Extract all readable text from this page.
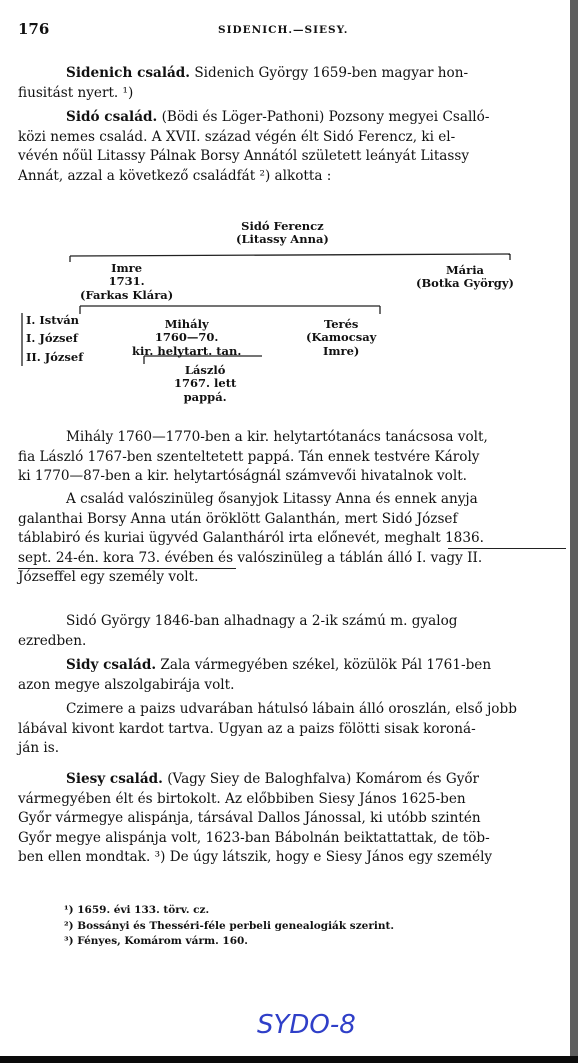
176	SIDENICH.—SIESY.

Sidenich család. Sidenich György 1659-ben magyar hon-

fiusitást nyert. ¹)

Sidó család. (Bödi és Löger-Pathoni) Pozsony megyei Csalló-

közi nemes család. A XVII. század végén élt Sidó Ferencz, ki el-

vévén nőül Litassy Pálnak Borsy Annától született leányát Litassy

Annát, azzal a következő családfát ²) alkotta :

Sidó Ferencz
(Litassy Anna)
Imre
1731.
(Farkas Klára)
Mária
(Botka György)
I. István
I. József
II. József
Mihály
1760—70.
kir. helytart. tan.
Terés
(Kamocsay
Imre)
László
1767. lett
pappá.

Mihály 1760—1770-ben a kir. helytartótanács tanácsosa volt,

fia László 1767-ben szenteltetett pappá. Tán ennek testvére Károly

ki 1770—87-ben a kir. helytartóságnál számvevői hivatalnok volt.

A család valószinüleg ősanyjok Litassy Anna és ennek anyja

galanthai Borsy Anna után öröklött Galanthán, mert Sidó József

táblabiró és kuriai ügyvéd Galantháról irta előnevét, meghalt 1836.

sept. 24-én. kora 73. évében és valószinüleg a táblán álló I. vagy II.

Józseffel egy személy volt.

Sidó György 1846-ban alhadnagy a 2-ik számú m. gyalog

ezredben.

Sidy család. Zala vármegyében székel, közülök Pál 1761-ben

azon megye alszolgabirája volt.

Czimere a paizs udvarában hátulsó lábain álló oroszlán, első jobb

lábával kivont kardot tartva. Ugyan az a paizs fölötti sisak koroná-

ján is.

Siesy család. (Vagy Siey de Baloghfalva) Komárom és Győr

vármegyében élt és birtokolt. Az előbbiben Siesy János 1625-ben

Győr vármegye alispánja, társával Dallos Jánossal, ki utóbb szintén

Győr megye alispánja volt, 1623-ban Bábolnán beiktattattak, de töb-

ben ellen mondtak. ³) De úgy látszik, hogy e Siesy János egy személy

¹) 1659. évi 133. törv. cz.
²) Bossányi és Thesséri-féle perbeli genealogiák szerint.
³) Fényes, Komárom várm. 160.
SYDO-8
